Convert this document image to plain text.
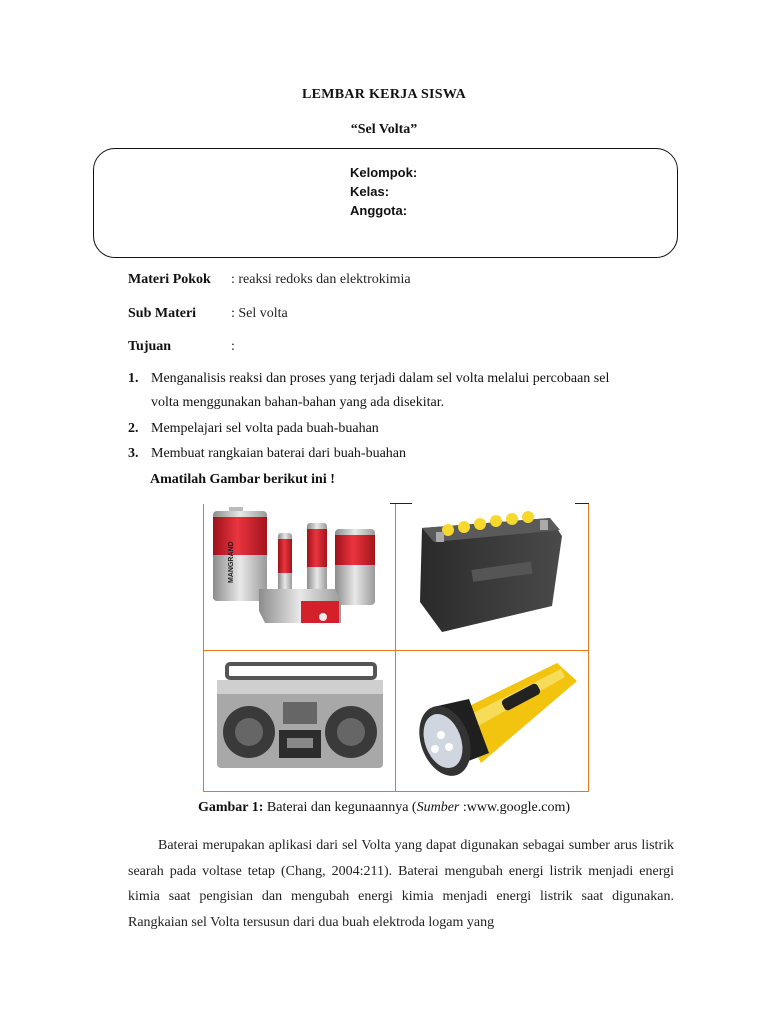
LEMBAR KERJA SISWA
“Sel Volta”
Kelompok:
Kelas:
Anggota:
Materi Pokok : reaksi redoks dan elektrokimia
Sub Materi : Sel volta
Tujuan	:
1. Menganalisis reaksi dan proses yang terjadi dalam sel volta melalui percobaan sel
volta menggunakan bahan-bahan yang ada disekitar.
2. Mempelajari sel volta pada buah-buahan
3. Membuat rangkaian baterai dari buah-buahan
Amatilah Gambar berikut ini !
MANGRAND
Gambar 1: Baterai dan kegunaannya (Sumber :www.google.com)
Baterai merupakan aplikasi dari sel Volta yang dapat digunakan sebagai sumber arus listrik searah pada voltase tetap (Chang, 2004:211). Baterai mengubah energi listrik menjadi energi kimia saat pengisian dan mengubah energi kimia menjadi energi listrik saat digunakan. Rangkaian sel Volta tersusun dari dua buah elektroda logam yang
